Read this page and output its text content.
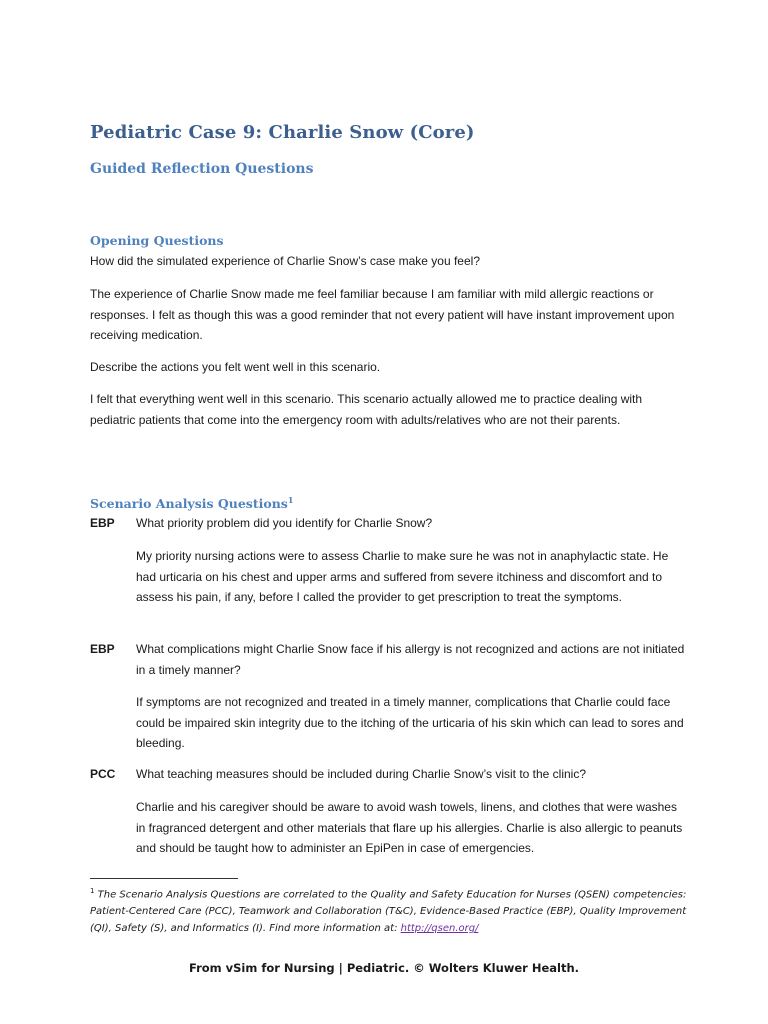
Pediatric Case 9: Charlie Snow (Core)
Guided Reflection Questions
Opening Questions

How did the simulated experience of Charlie Snow’s case make you feel?

The experience of Charlie Snow made me feel familiar because I am familiar with mild allergic reactions or responses. I felt as though this was a good reminder that not every patient will have instant improvement upon receiving medication.

Describe the actions you felt went well in this scenario.

I felt that everything went well in this scenario. This scenario actually allowed me to practice dealing with pediatric patients that come into the emergency room with adults/relatives who are not their parents.

Scenario Analysis Questions$^1$
EBP	What priority problem did you identify for Charlie Snow?

My priority nursing actions were to assess Charlie to make sure he was not in anaphylactic state. He had urticaria on his chest and upper arms and suffered from severe itchiness and discomfort and to assess his pain, if any, before I called the provider to get prescription to treat the symptoms.

EBP	What complications might Charlie Snow face if his allergy is not recognized and actions are not initiated in a timely manner?

If symptoms are not recognized and treated in a timely manner, complications that Charlie could face could be impaired skin integrity due to the itching of the urticaria of his skin which can lead to sores and bleeding.

PCC	What teaching measures should be included during Charlie Snow’s visit to the clinic?

Charlie and his caregiver should be aware to avoid wash towels, linens, and clothes that were washes in fragranced detergent and other materials that flare up his allergies. Charlie is also allergic to peanuts and should be taught how to administer an EpiPen in case of emergencies.

$^1$ The Scenario Analysis Questions are correlated to the Quality and Safety Education for Nurses (QSEN) competencies: Patient-Centered Care (PCC), Teamwork and Collaboration (T&C), Evidence-Based Practice (EBP), Quality Improvement (QI), Safety (S), and Informatics (I). Find more information at: http://qsen.org/

From vSim for Nursing | Pediatric. © Wolters Kluwer Health.
